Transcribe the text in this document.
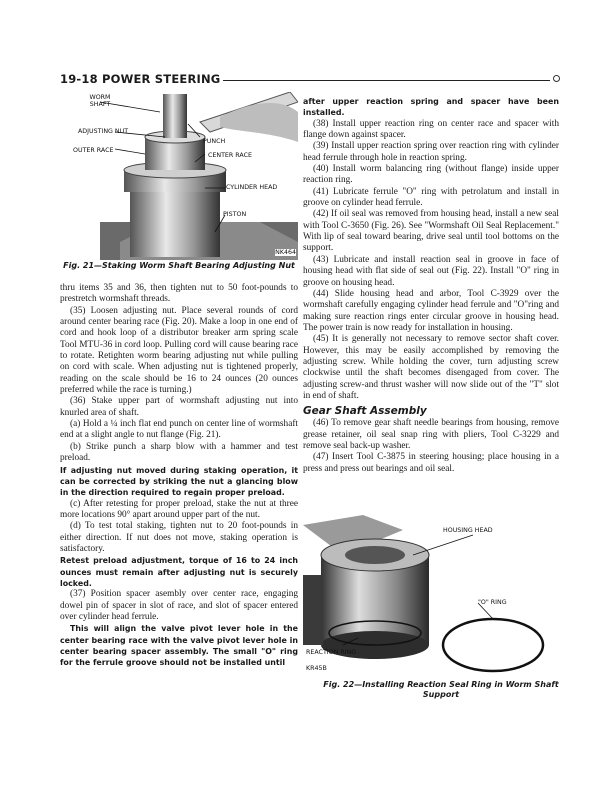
19-18 POWER STEERING
WORM SHAFT
ADJUSTING NUT
OUTER RACE
PUNCH
CENTER RACE
CYLINDER HEAD
PISTON
NK464
Fig. 21—Staking Worm Shaft Bearing Adjusting Nut

thru items 35 and 36, then tighten nut to 50 foot-pounds to prestretch wormshaft threads.

(35) Loosen adjusting nut. Place several rounds of cord around center bearing race (Fig. 20). Make a loop in one end of cord and hook loop of a distributor breaker arm spring scale Tool MTU-36 in cord loop. Pulling cord will cause bearing race to rotate. Retighten worm bearing adjusting nut while pulling on cord with scale. When adjusting nut is tightened properly, reading on the scale should be 16 to 24 ounces (20 ounces preferred while the race is turning.)

(36) Stake upper part of wormshaft adjusting nut into knurled area of shaft.

(a) Hold a ¼ inch flat end punch on center line of wormshaft end at a slight angle to nut flange (Fig. 21).

(b) Strike punch a sharp blow with a hammer and test preload.

If adjusting nut moved during staking operation, it can be corrected by striking the nut a glancing blow in the direction required to regain proper preload.

(c) After retesting for proper preload, stake the nut at three more locations 90° apart around upper part of the nut.

(d) To test total staking, tighten nut to 20 foot-pounds in either direction. If nut does not move, staking operation is satisfactory.

Retest preload adjustment, torque of 16 to 24 inch ounces must remain after adjusting nut is securely locked.

(37) Position spacer asembly over center race, engaging dowel pin of spacer in slot of race, and slot of spacer entered over cylinder head ferrule.

This will align the valve pivot lever hole in the center bearing race with the valve pivot lever hole in center bearing spacer assembly. The small "O" ring for the ferrule groove should not be installed until

after upper reaction spring and spacer have been installed.

(38) Install upper reaction ring on center race and spacer with flange down against spacer.

(39) Install upper reaction spring over reaction ring with cylinder head ferrule through hole in reaction spring.

(40) Install worm balancing ring (without flange) inside upper reaction ring.

(41) Lubricate ferrule "O" ring with petrolatum and install in groove on cylinder head ferrule.

(42) If oil seal was removed from housing head, install a new seal with Tool C-3650 (Fig. 26). See "Wormshaft Oil Seal Replacement." With lip of seal toward bearing, drive seal until tool bottoms on the support.

(43) Lubricate and install reaction seal in groove in face of housing head with flat side of seal out (Fig. 22). Install "O" ring in groove on housing head.

(44) Slide housing head and arbor, Tool C-3929 over the wormshaft carefully engaging cylinder head ferrule and "O"ring and making sure reaction rings enter circular groove in housing head. The power train is now ready for installation in housing.

(45) It is generally not necessary to remove sector shaft cover. However, this may be easily accomplished by removing the adjusting screw. While holding the cover, turn adjusting screw clockwise until the shaft becomes disengaged from cover. The adjusting screw-and thrust washer will now slide out of the "T" slot in end of shaft.

Gear Shaft Assembly

(46) To remove gear shaft needle bearings from housing, remove grease retainer, oil seal snap ring with pliers, Tool C-3229 and remove seal back-up washer.

(47) Insert Tool C-3875 in steering housing; place housing in a press and press out bearings and oil seal.

HOUSING HEAD
"O" RING
REACTION RING
KR45B
Fig. 22—Installing Reaction Seal Ring in Worm Shaft Support
